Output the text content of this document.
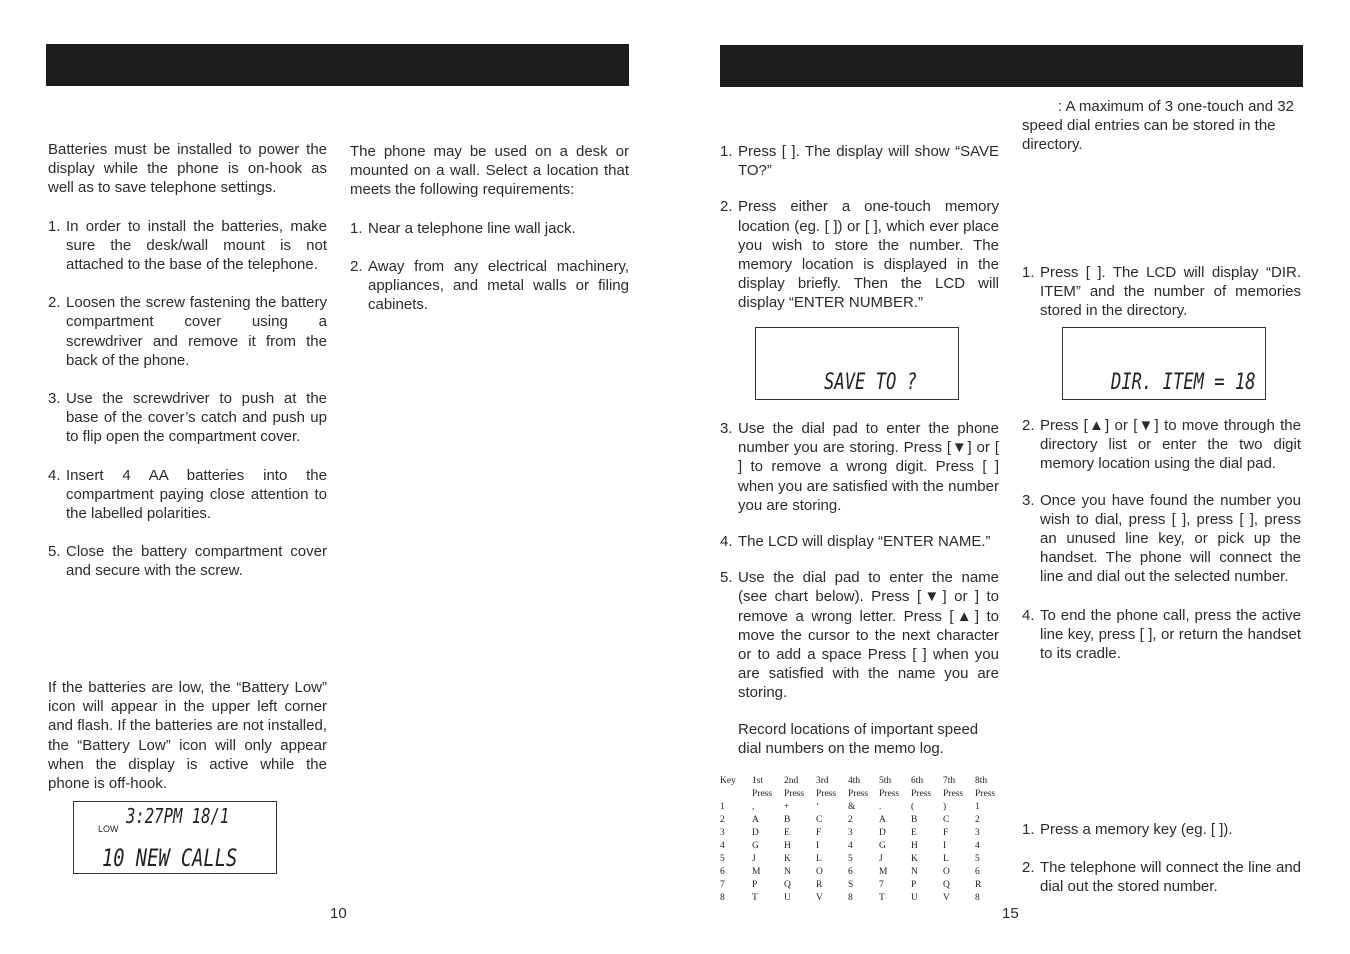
Batteries must be installed to power the display while the phone is on-hook as well as to save telephone settings.

1. In order to install the batteries, make sure the desk/wall mount is not attached to the base of the telephone.
2. Loosen the screw fastening the battery compartment cover using a screwdriver and remove it from the back of the phone.
3. Use the screwdriver to push at the base of the cover’s catch and push up to flip open the compartment cover.
4. Insert 4 AA batteries into the compartment paying close attention to the labelled polarities.
5. Close the battery compartment cover and secure with the screw.

If the batteries are low, the “Battery Low” icon will appear in the upper left corner and flash. If the batteries are not installed, the “Battery Low” icon will only appear when the display is active while the phone is off-hook.

3:27PM 18/1
LOW
10 NEW CALLS

The phone may be used on a desk or mounted on a wall. Select a location that meets the following requirements:

1. Near a telephone line wall jack.
2. Away from any electrical machinery, appliances, and metal walls or filing cabinets.
10
1. Press [ ]. The display will show “SAVE TO?”
2. Press either a one-touch memory location (eg. [ ]) or [ ], which ever place you wish to store the number. The memory location is displayed in the display briefly. Then the LCD will display “ENTER NUMBER.”
SAVE TO ?
3. Use the dial pad to enter the phone number you are storing. Press [▼] or [ ] to remove a wrong digit. Press [ ] when you are satisfied with the number you are storing.
4. The LCD will display “ENTER NAME.”
5. Use the dial pad to enter the name (see chart below). Press [▼] or ] to remove a wrong letter. Press [▲] to move the cursor to the next character or to add a space Press [ ] when you are satisfied with the name you are storing.

Record locations of important speed dial numbers on the memo log.

Key	1st	2nd	3rd	4th	5th	6th	7th	8th
	Press	Press	Press	Press	Press	Press	Press	Press
1	,	+	‘	&	.	(	)	1
2	A	B	C	2	A	B	C	2
3	D	E	F	3	D	E	F	3
4	G	H	I	4	G	H	I	4
5	J	K	L	5	J	K	L	5
6	M	N	O	6	M	N	O	6
7	P	Q	R	S	7	P	Q	R
8	T	U	V	8	T	U	V	8
15

: A maximum of 3 one-touch and 32 speed dial entries can be stored in the directory.

1. Press [ ]. The LCD will display “DIR. ITEM” and the number of memories stored in the directory.
DIR. ITEM = 18
2. Press [▲] or [▼] to move through the directory list or enter the two digit memory location using the dial pad.
3. Once you have found the number you wish to dial, press [ ], press [ ], press an unused line key, or pick up the handset. The phone will connect the line and dial out the selected number.
4. To end the phone call, press the active line key, press [ ], or return the handset to its cradle.
1. Press a memory key (eg. [ ]).
2. The telephone will connect the line and dial out the stored number.
